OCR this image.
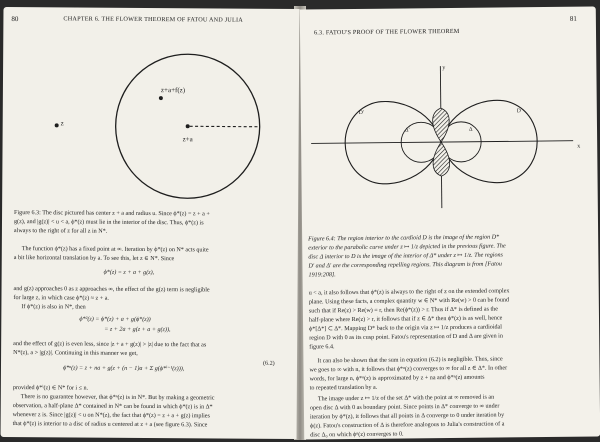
80	CHAPTER 6. THE FLOWER THEOREM OF FATOU AND JULIA
z+a+f(z)
z+a
z
Figure 6.3: The disc pictured has center z + a and radius u. Since ϕ*(z) = z + a +
g(z), and |g(z)| < u < a, ϕ*(z) must lie in the interior of the disc. Thus, ϕ*(z) is
always to the right of z for all z in N*.
The function ϕ*(z) has a fixed point at ∞. Iteration by ϕ*(z) on N* acts quite
a bit like horizontal translation by a. To see this, let z ∈ N*. Since
ϕ*(z) = z + a + g(z),
and g(z) approaches 0 as z approaches ∞, the effect of the g(z) term is negligible
for large z, in which case ϕ*(z) ≈ z + a.
If ϕ*(z) is also in N*, then
ϕ*²(z) = ϕ*(z) + a + g(ϕ*(z))
= z + 2a + g(z + a + g(z)),
and the effect of g(z) is even less, since |z + a + g(z)| > |z| due to the fact that as
N*(z), a > |g(z)|. Continuing in this manner we get,
ϕ*ⁿ(z) = z + na + g(z + (n − 1)a + Σ g(ϕ*ⁱ⁻¹(z))),
(6.2)
provided ϕ*ⁱ(z) ∈ N* for i ≤ n.
There is no guarantee however, that ϕ*ⁿ(z) is in N*. But by making a geometric
observation, a half-plane Δ* contained in N* can be found in which ϕ*(z) is in Δ*
whenever z is. Since |g(z)| < u on N*(z), the fact that ϕ*(z) = z + a + g(z) implies
that ϕ*(z) is interior to a disc of radius u centered at z + a (see figure 6.3). Since
81
6.3. FATOU'S PROOF OF THE FLOWER THEOREM
x
y
D'	D
Δ'	Δ
Figure 6.4: The region interior to the cardioid D is the image of the region D*
exterior to the parabolic curve under z ↦ 1/z depicted in the previous figure. The
disc Δ interior to D is the image of the interior of Δ* under z ↦ 1/z. The regions
D' and Δ' are the corresponding repelling regions. This diagram is from [Fatou
1919:208].
u < a, it also follows that ϕ*(z) is always to the right of z on the extended complex
plane. Using these facts, a complex quantity w ∈ N* with Re(w) > 0 can be found
such that if Re(z) > Re(w) = r, then Re(ϕ*(z)) > r. Thus if Δ* is defined as the
half-plane where Re(z) > r, it follows that if z ∈ Δ* then ϕ*(z) is as well, hence
ϕ*[Δ*] ⊂ Δ*. Mapping D* back to the origin via z ↦ 1/z produces a cardioidal
region D with 0 as its cusp point. Fatou's representation of D and Δ are given in
figure 6.4.
It can also be shown that the sum in equation (6.2) is negligible. Thus, since
we goes to ∞ with n, it follows that ϕ*ⁿ(z) converges to ∞ for all z ∈ Δ*. In other
words, for large n, ϕ*ⁿ(z) is approximated by z + na and ϕ*ⁿ(z) amounts
to repeated translation by a.
The image under z ↦ 1/z of the set Δ* with the point at ∞ removed is an
open disc Δ with 0 as boundary point. Since points in Δ* converge to ∞ under
iteration by ϕ*(z), it follows that all points in Δ converge to 0 under iteration by
ϕ(z). Fatou's construction of Δ is therefore analogous to Julia's construction of a
disc Δ₀ on which ϕⁿ(z) converges to 0.
